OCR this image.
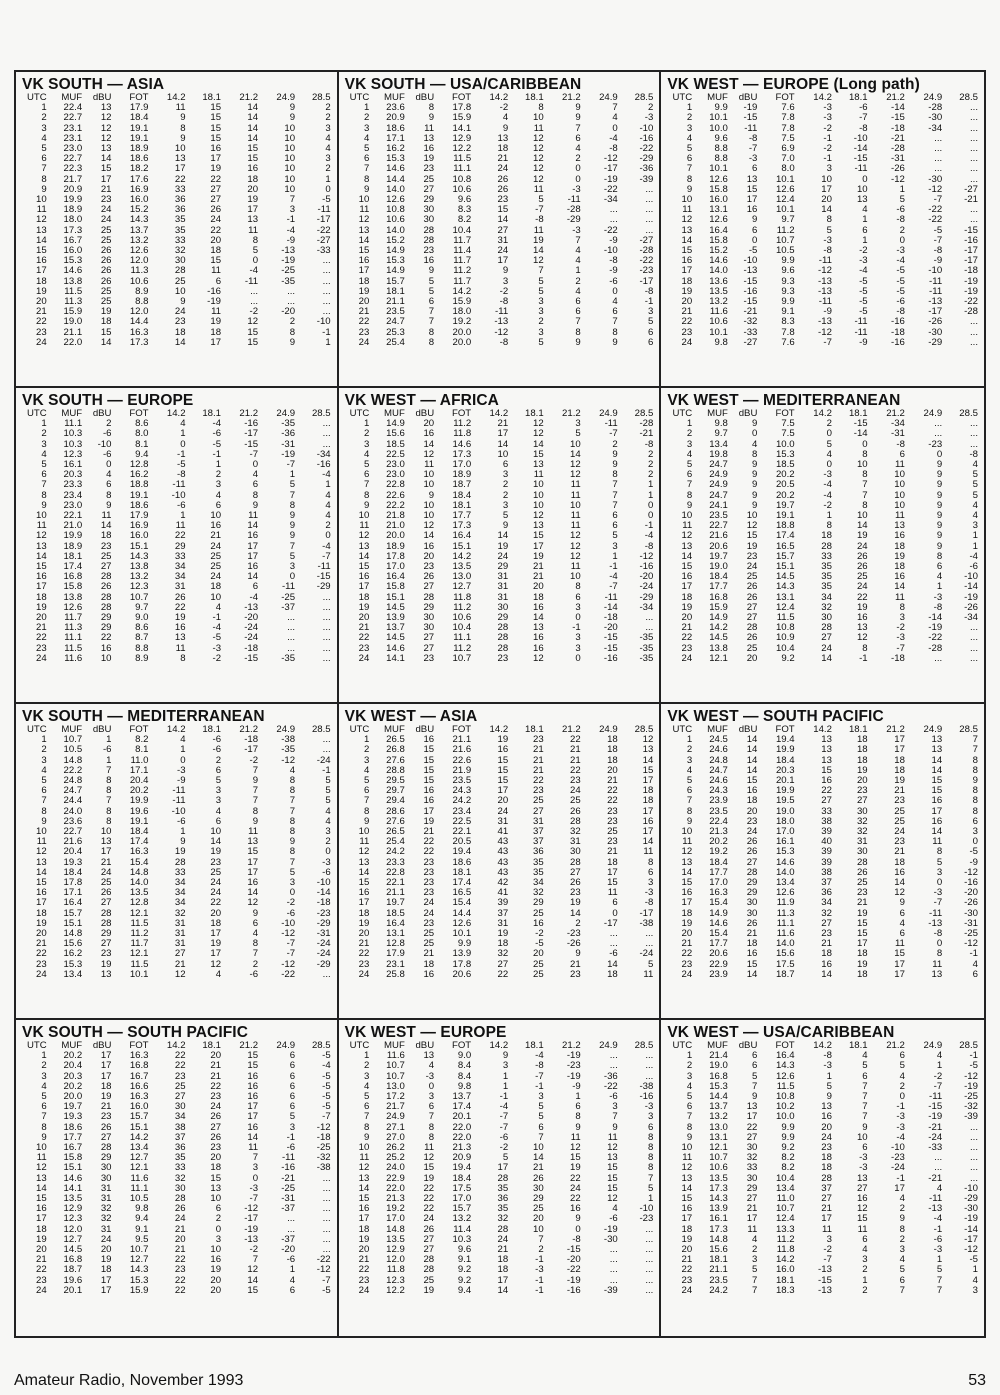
VK SOUTH — ASIA
UTC	MUF	dBU	FOT	14.2	18.1	21.2	24.9	28.5
1	22.4	13	17.9	11	15	14	9	2
2	22.7	12	18.4	9	15	14	9	2
3	23.1	12	19.1	8	15	14	10	3
4	23.1	12	19.1	9	15	14	10	4
5	23.0	13	18.9	10	16	15	10	4
6	22.7	14	18.6	13	17	15	10	3
7	22.3	15	18.2	17	19	16	10	2
8	21.7	17	17.6	22	22	18	10	1
9	20.9	21	16.9	33	27	20	10	0
10	19.9	23	16.0	36	27	19	7	-5
11	18.9	24	15.2	36	26	17	3	-11
12	18.0	24	14.3	35	24	13	-1	-17
13	17.3	25	13.7	35	22	11	-4	-22
14	16.7	25	13.2	33	20	8	-9	-27
15	16.0	26	12.6	32	18	5	-13	-33
16	15.3	26	12.0	30	15	0	-19	...
17	14.6	26	11.3	28	11	-4	-25	...
18	13.8	26	10.6	25	6	-11	-35	...
19	11.5	25	8.9	10	-16	...	...	...
20	11.3	25	8.8	9	-19	...	...	...
21	15.9	19	12.0	24	11	-2	-20	...
22	19.0	18	14.4	23	19	12	2	-10
23	21.1	15	16.3	18	18	15	8	-1
24	22.0	14	17.3	14	17	15	9	1
VK SOUTH — USA/CARIBBEAN
UTC	MUF	dBU	FOT	14.2	18.1	21.2	24.9	28.5
1	23.6	8	17.8	-2	8	9	7	2
2	20.9	9	15.9	4	10	9	4	-3
3	18.6	11	14.1	9	11	7	0	-10
4	17.1	13	12.9	13	12	6	-4	-16
5	16.2	16	12.2	18	12	4	-8	-22
6	15.3	19	11.5	21	12	2	-12	-29
7	14.6	23	11.1	24	12	0	-17	-36
8	14.4	25	10.8	26	12	0	-19	-39
9	14.0	27	10.6	26	11	-3	-22	...
10	12.6	29	9.6	23	5	-11	-34	...
11	10.8	30	8.3	15	-7	-28	...	...
12	10.6	30	8.2	14	-8	-29	...	...
13	14.0	28	10.4	27	11	-3	-22	...
14	15.2	28	11.7	31	19	7	-9	-27
15	14.9	23	11.4	24	14	4	-10	-28
16	15.3	16	11.7	17	12	4	-8	-22
17	14.9	9	11.2	9	7	1	-9	-23
18	15.7	5	11.7	3	5	2	-6	-17
19	18.1	5	14.2	-2	5	4	0	-8
20	21.1	6	15.9	-8	3	6	4	-1
21	23.5	7	18.0	-11	3	6	6	3
22	24.7	7	19.2	-13	2	7	7	5
23	25.3	8	20.0	-12	3	8	8	6
24	25.4	8	20.0	-8	5	9	9	6
VK WEST — EUROPE (Long path)
UTC	MUF	dBU	FOT	14.2	18.1	21.2	24.9	28.5
1	9.9	-19	7.6	-3	-6	-14	-28	...
2	10.1	-15	7.8	-3	-7	-15	-30	...
3	10.0	-11	7.8	-2	-8	-18	-34	...
4	9.6	-8	7.5	-1	-10	-21	...	...
5	8.8	-7	6.9	-2	-14	-28	...	...
6	8.8	-3	7.0	-1	-15	-31	...	...
7	10.1	6	8.0	3	-11	-26	...	...
8	12.6	13	10.1	10	0	-12	-30	...
9	15.8	15	12.6	17	10	1	-12	-27
10	16.0	17	12.4	20	13	5	-7	-21
11	13.1	16	10.1	14	4	-6	-22	...
12	12.6	9	9.7	8	1	-8	-22	...
13	16.4	6	11.2	5	6	2	-5	-15
14	15.8	0	10.7	-3	1	0	-7	-16
15	15.2	-5	10.5	-8	-2	-3	-8	-17
16	14.6	-10	9.9	-11	-3	-4	-9	-17
17	14.0	-13	9.6	-12	-4	-5	-10	-18
18	13.6	-15	9.3	-13	-5	-5	-11	-19
19	13.5	-16	9.3	-13	-5	-5	-11	-19
20	13.2	-15	9.9	-11	-5	-6	-13	-22
21	11.6	-21	9.1	-9	-5	-8	-17	-28
22	10.6	-32	8.3	-13	-11	-16	-26	...
23	10.1	-33	7.8	-12	-11	-18	-30	...
24	9.8	-27	7.6	-7	-9	-16	-29	...
VK SOUTH — EUROPE
UTC	MUF	dBU	FOT	14.2	18.1	21.2	24.9	28.5
1	11.1	2	8.6	4	-4	-16	-35	...
2	10.3	-6	8.0	1	-6	-17	-36	...
3	10.3	-10	8.1	0	-5	-15	-31	...
4	12.3	-6	9.4	-1	-1	-7	-19	-34
5	16.1	0	12.8	-5	1	0	-7	-16
6	20.3	4	16.2	-8	2	4	1	-4
7	23.3	6	18.8	-11	3	6	5	1
8	23.4	8	19.1	-10	4	8	7	4
9	23.0	9	18.6	-6	6	9	8	4
10	22.1	11	17.9	1	10	11	9	4
11	21.0	14	16.9	11	16	14	9	2
12	19.9	18	16.0	22	21	16	9	0
13	18.9	23	15.1	29	24	17	7	-4
14	18.1	25	14.3	33	25	17	5	-7
15	17.4	27	13.8	34	25	16	3	-11
16	16.8	28	13.2	34	24	14	0	-15
17	15.8	26	12.3	31	18	6	-11	-29
18	13.8	28	10.7	26	10	-4	-25	...
19	12.6	28	9.7	22	4	-13	-37	...
20	11.7	29	9.0	19	-1	-20	...	...
21	11.3	29	8.6	16	-4	-24	...	...
22	11.1	22	8.7	13	-5	-24	...	...
23	11.5	16	8.8	11	-3	-18	...	...
24	11.6	10	8.9	8	-2	-15	-35	...
VK WEST — AFRICA
UTC	MUF	dBU	FOT	14.2	18.1	21.2	24.9	28.5
1	14.9	20	11.2	21	12	3	-11	-28
2	15.6	16	11.8	17	12	5	-7	-21
3	18.5	14	14.6	14	14	10	2	-8
4	22.5	12	17.3	10	15	14	9	2
5	23.0	11	17.0	6	13	12	9	2
6	23.0	10	18.9	3	11	12	8	2
7	22.8	10	18.7	2	10	11	7	1
8	22.6	9	18.4	2	10	11	7	1
9	22.2	10	18.1	3	10	10	7	0
10	21.8	10	17.7	5	12	11	6	0
11	21.0	12	17.3	9	13	11	6	-1
12	20.0	14	16.4	14	15	12	5	-4
13	18.9	16	15.1	19	17	12	3	-8
14	17.8	20	14.2	24	19	12	1	-12
15	17.0	23	13.5	29	21	11	-1	-16
16	16.4	26	13.0	31	21	10	-4	-20
17	15.8	27	12.7	31	20	8	-7	-24
18	15.1	28	11.8	31	18	6	-11	-29
19	14.5	29	11.2	30	16	3	-14	-34
20	13.9	30	10.6	29	14	0	-18	...
21	13.7	30	10.4	28	13	-1	-20	...
22	14.5	27	11.1	28	16	3	-15	-35
23	14.6	27	11.2	28	16	3	-15	-35
24	14.1	23	10.7	23	12	0	-16	-35
VK WEST — MEDITERRANEAN
UTC	MUF	dBU	FOT	14.2	18.1	21.2	24.9	28.5
1	9.8	9	7.5	2	-15	-34	...	...
2	9.7	0	7.5	0	-14	-31	...	...
3	13.4	4	10.0	5	0	-8	-23	...
4	19.8	8	15.3	4	8	6	0	-8
5	24.7	9	18.5	0	10	11	9	4
6	24.9	9	20.2	-3	8	10	9	5
7	24.9	9	20.5	-4	7	10	9	5
8	24.7	9	20.2	-4	7	10	9	5
9	24.1	9	19.7	-2	8	10	9	4
10	23.5	10	19.1	1	10	11	9	4
11	22.7	12	18.8	8	14	13	9	3
12	21.6	15	17.4	18	19	16	9	1
13	20.6	19	16.5	28	24	18	9	1
14	19.7	23	15.7	33	26	19	8	-4
15	19.0	24	15.1	35	26	18	6	-6
16	18.4	25	14.5	35	25	16	4	-10
17	17.7	26	14.3	35	24	14	1	-14
18	16.8	26	13.1	34	22	11	-3	-19
19	15.9	27	12.4	32	19	8	-8	-26
20	14.9	27	11.5	30	16	3	-14	-34
21	14.2	28	10.8	28	13	-2	-19	...
22	14.5	26	10.9	27	12	-3	-22	...
23	13.8	25	10.4	24	8	-7	-28	...
24	12.1	20	9.2	14	-1	-18	...	...
VK SOUTH — MEDITERRANEAN
UTC	MUF	dBU	FOT	14.2	18.1	21.2	24.9	28.5
1	10.7	1	8.2	4	-6	-18	-38	...
2	10.5	-6	8.1	1	-6	-17	-35	...
3	14.8	1	11.0	0	2	-2	-12	-24
4	22.2	7	17.1	-3	6	7	4	-1
5	24.8	8	20.4	-9	5	9	8	5
6	24.7	8	20.2	-11	3	7	8	5
7	24.4	7	19.9	-11	3	7	7	5
8	24.0	8	19.6	-10	4	8	7	4
9	23.6	8	19.1	-6	6	9	8	4
10	22.7	10	18.4	1	10	11	8	3
11	21.6	13	17.4	9	14	13	9	2
12	20.4	17	16.3	19	19	15	8	0
13	19.3	21	15.4	28	23	17	7	-3
14	18.4	24	14.8	33	25	17	5	-6
15	17.8	25	14.0	34	24	16	3	-10
16	17.1	26	13.5	34	24	14	0	-14
17	16.4	27	12.8	34	22	12	-2	-18
18	15.7	28	12.1	32	20	9	-6	-23
19	15.1	28	11.5	31	18	6	-10	-29
20	14.8	29	11.2	31	17	4	-12	-31
21	15.6	27	11.7	31	19	8	-7	-24
22	16.2	23	12.1	27	17	7	-7	-24
23	15.3	19	11.5	21	12	2	-12	-29
24	13.4	13	10.1	12	4	-6	-22	...
VK WEST — ASIA
UTC	MUF	dBU	FOT	14.2	18.1	21.2	24.9	28.5
1	26.5	16	21.1	19	23	22	18	12
2	26.8	15	21.6	16	21	21	18	13
3	27.6	15	22.6	15	21	21	18	14
4	28.8	15	21.9	15	21	22	20	15
5	29.5	15	23.5	15	22	23	21	17
6	29.7	16	24.3	17	23	24	22	18
7	29.4	16	24.2	20	25	25	22	18
8	28.6	17	23.4	24	27	26	23	17
9	27.6	19	22.5	31	31	28	23	16
10	26.5	21	22.1	41	37	32	25	17
11	25.4	22	20.5	43	37	31	23	14
12	24.2	22	19.4	43	36	30	21	11
13	23.3	23	18.6	43	35	28	18	8
14	22.8	23	18.1	43	35	27	17	6
15	22.1	23	17.4	42	34	26	15	3
16	21.1	23	16.5	41	32	23	11	-3
17	19.7	24	15.4	39	29	19	6	-8
18	18.5	24	14.4	37	25	14	0	-17
19	16.4	23	12.6	31	16	2	-17	-38
20	13.1	25	10.1	19	-2	-23	...	...
21	12.8	25	9.9	18	-5	-26	...	...
22	17.9	21	13.9	32	20	9	-6	-24
23	23.1	18	17.8	27	25	21	14	5
24	25.8	16	20.6	22	25	23	18	11
VK WEST — SOUTH PACIFIC
UTC	MUF	dBU	FOT	14.2	18.1	21.2	24.9	28.5
1	24.5	14	19.4	13	18	17	13	7
2	24.6	14	19.9	13	18	17	13	7
3	24.8	14	18.4	13	18	18	14	8
4	24.7	14	20.3	15	19	18	14	8
5	24.6	15	20.1	16	20	19	15	9
6	24.3	16	19.9	22	23	21	15	8
7	23.9	18	19.5	27	27	23	16	8
8	23.5	20	19.0	33	30	25	17	8
9	22.4	23	18.0	38	32	25	16	6
10	21.3	24	17.0	39	32	24	14	3
11	20.2	26	16.1	40	31	23	11	0
12	19.2	26	15.3	39	30	21	8	-5
13	18.4	27	14.6	39	28	18	5	-9
14	17.7	28	14.0	38	26	16	3	-12
15	17.0	29	13.4	37	25	14	0	-16
16	16.3	29	12.6	36	23	12	-3	-20
17	15.4	30	11.9	34	21	9	-7	-26
18	14.9	30	11.3	32	19	6	-11	-30
19	14.6	26	11.1	27	15	4	-13	-31
20	15.4	21	11.6	23	15	6	-8	-25
21	17.7	18	14.0	21	17	11	0	-12
22	20.6	16	15.6	18	18	15	8	-1
23	22.9	15	17.5	16	19	17	11	4
24	23.9	14	18.7	14	18	17	13	6
VK SOUTH — SOUTH PACIFIC
UTC	MUF	dBU	FOT	14.2	18.1	21.2	24.9	28.5
1	20.2	17	16.3	22	20	15	6	-5
2	20.4	17	16.8	22	21	15	6	-4
3	20.3	17	16.7	23	21	16	6	-5
4	20.2	18	16.6	25	22	16	6	-5
5	20.0	19	16.3	27	23	16	6	-5
6	19.7	21	16.0	30	24	17	6	-5
7	19.3	23	15.7	34	26	17	5	-7
8	18.6	26	15.1	38	27	16	3	-12
9	17.7	27	14.2	37	26	14	-1	-18
10	16.7	28	13.4	36	23	11	-6	-25
11	15.8	29	12.7	35	20	7	-11	-32
12	15.1	30	12.1	33	18	3	-16	-38
13	14.6	30	11.6	32	15	0	-21	...
14	14.1	31	11.1	30	13	-3	-25	...
15	13.5	31	10.5	28	10	-7	-31	...
16	12.9	32	9.8	26	6	-12	-37	...
17	12.3	32	9.4	24	2	-17	...	...
18	12.0	31	9.1	21	0	-19	...	...
19	12.7	24	9.5	20	3	-13	-37	...
20	14.5	20	10.7	21	10	-2	-20	...
21	16.8	19	12.7	22	16	7	-6	-22
22	18.7	18	14.3	23	19	12	1	-12
23	19.6	17	15.3	22	20	14	4	-7
24	20.1	17	15.9	22	20	15	6	-5
VK WEST — EUROPE
UTC	MUF	dBU	FOT	14.2	18.1	21.2	24.9	28.5
1	11.6	13	9.0	9	-4	-19	...	...
2	10.7	4	8.4	3	-8	-23	...	...
3	10.7	-3	8.4	1	-7	-19	-36	...
4	13.0	0	9.8	1	-1	-9	-22	-38
5	17.2	3	13.7	-1	3	1	-6	-16
6	21.7	6	17.4	-4	5	6	3	-3
7	24.9	7	20.1	-7	5	8	7	3
8	27.1	8	22.0	-7	6	9	9	6
9	27.0	8	22.0	-6	7	11	11	8
10	26.2	11	21.3	-2	10	12	12	8
11	25.2	12	20.9	5	14	15	13	8
12	24.0	15	19.4	17	21	19	15	8
13	22.9	19	18.4	28	26	22	15	7
14	22.0	22	17.5	35	30	24	15	5
15	21.3	22	17.0	36	29	22	12	1
16	19.2	22	15.7	35	25	16	4	-10
17	17.0	24	13.2	32	20	9	-6	-23
18	14.8	26	11.4	28	10	0	-19	...
19	13.5	27	10.3	24	7	-8	-30	...
20	12.9	27	9.6	21	2	-15	...	...
21	12.0	28	9.1	18	-1	-20	...	...
22	11.8	28	9.2	18	-3	-22	...	...
23	12.3	25	9.2	17	-1	-19	...	...
24	12.2	19	9.4	14	-1	-16	-39	...
VK WEST — USA/CARIBBEAN
UTC	MUF	dBU	FOT	14.2	18.1	21.2	24.9	28.5
1	21.4	6	16.4	-8	4	6	4	-1
2	19.0	6	14.3	-3	5	5	1	-5
3	16.8	5	12.6	1	6	4	-2	-12
4	15.3	7	11.5	5	7	2	-7	-19
5	14.4	9	10.8	9	7	0	-11	-25
6	13.7	13	10.2	13	7	-1	-15	-32
7	13.2	17	10.0	16	7	-3	-19	-39
8	13.0	22	9.9	20	9	-3	-21	...
9	13.1	27	9.9	24	10	-4	-24	...
10	12.1	30	9.2	23	6	-10	-33	...
11	10.7	32	8.2	18	-3	-23	...	...
12	10.6	33	8.2	18	-3	-24	...	...
13	13.5	30	10.4	28	13	-1	-21	...
14	17.3	29	13.4	37	27	17	4	-10
15	14.3	27	11.0	27	16	4	-11	-29
16	13.9	21	10.7	21	12	2	-13	-30
17	16.1	17	12.4	17	15	9	-4	-19
18	17.3	11	13.3	11	11	8	-1	-14
19	14.8	4	11.2	3	6	2	-6	-17
20	15.6	2	11.8	-2	4	3	-3	-12
21	18.1	3	14.2	-7	3	4	1	-5
22	21.1	5	16.0	-13	2	5	5	1
23	23.5	7	18.1	-15	1	6	7	4
24	24.2	7	18.3	-13	2	7	7	3
Amateur Radio, November 1993	53
